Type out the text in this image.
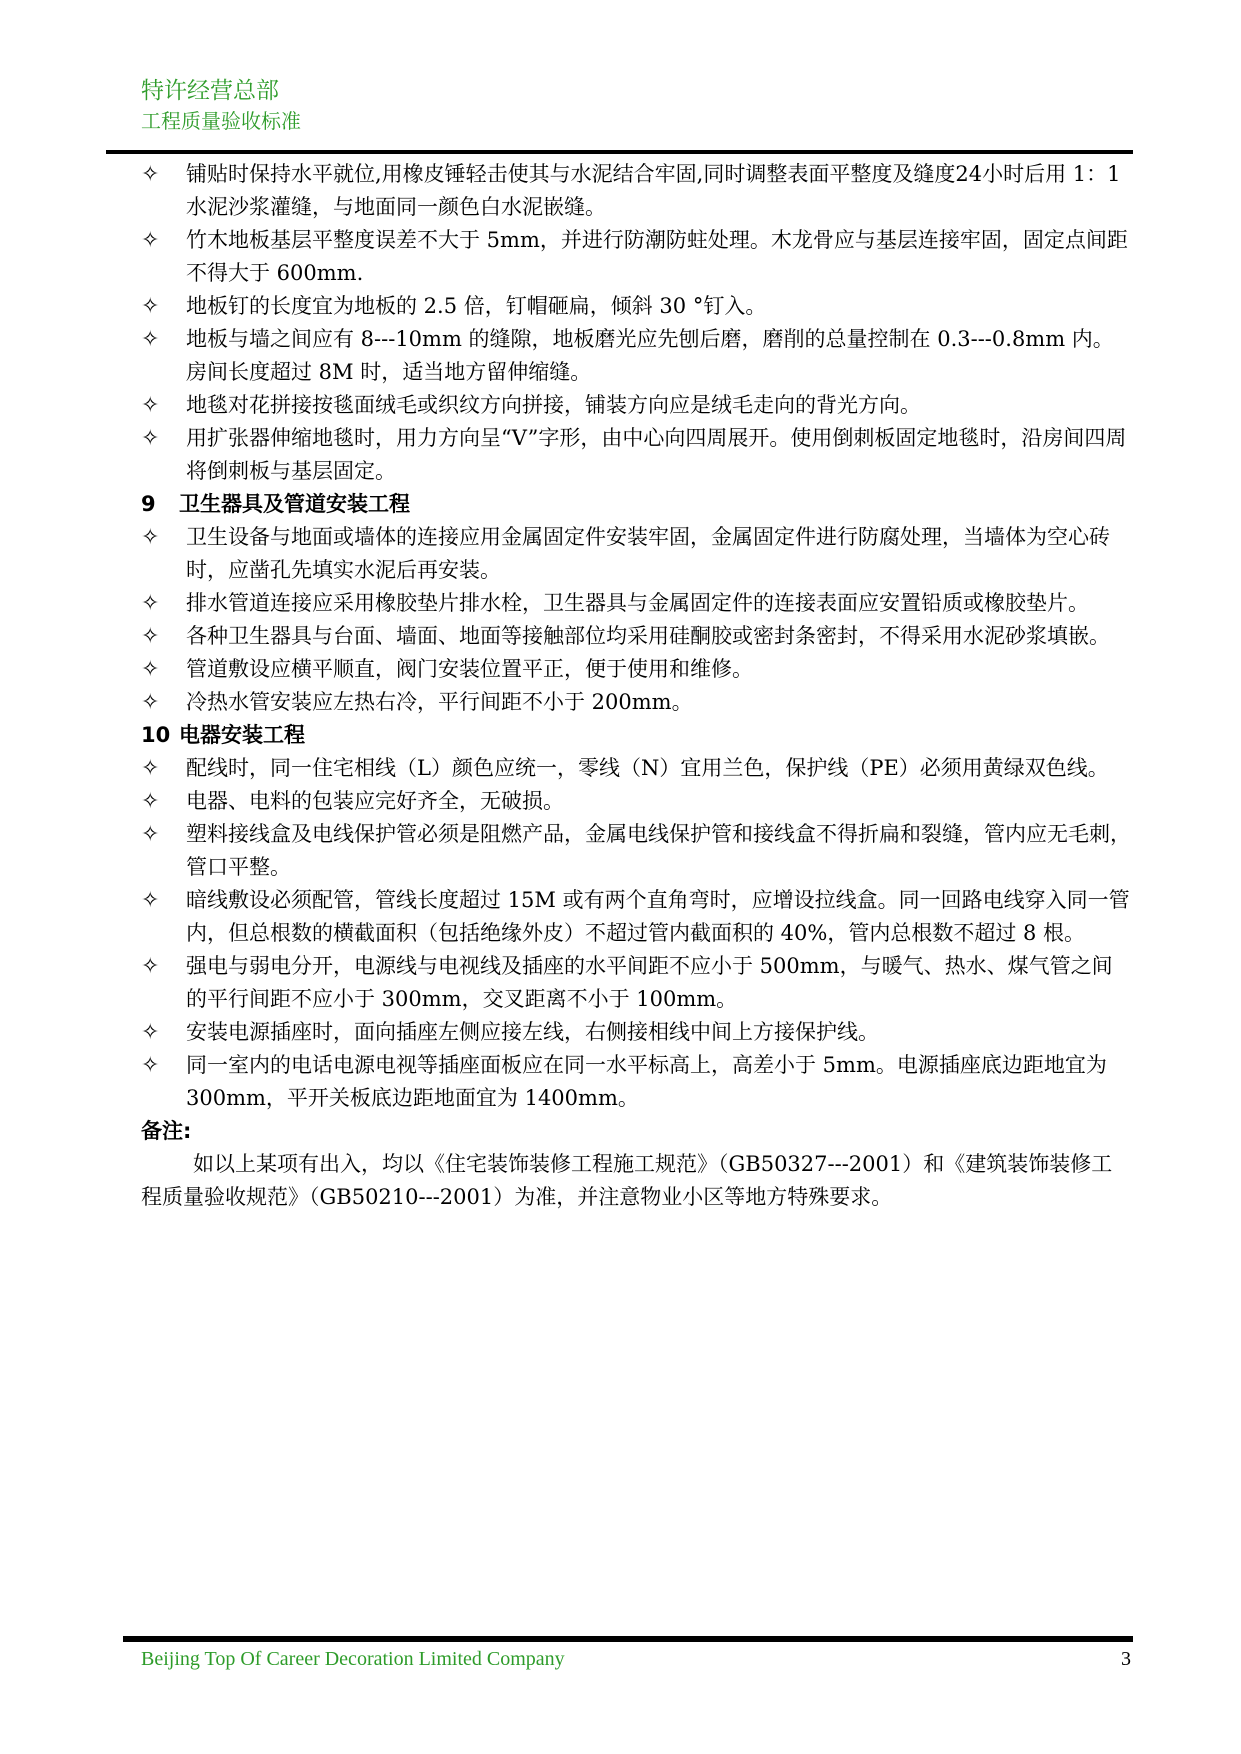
特许经营总部
工程质量验收标准
✧	铺贴时保持水平就位,用橡皮锤轻击使其与水泥结合牢固,同时调整表面平整度及缝度24小时后用 1：1 水泥沙浆灌缝，与地面同一颜色白水泥嵌缝。
✧	竹木地板基层平整度误差不大于 5mm，并进行防潮防蛀处理。木龙骨应与基层连接牢固，固定点间距不得大于 600mm.
✧	地板钉的长度宜为地板的 2.5 倍，钉帽砸扁，倾斜 30 °钉入。
✧	地板与墙之间应有 8---10mm 的缝隙，地板磨光应先刨后磨，磨削的总量控制在 0.3---0.8mm 内。房间长度超过 8M 时，适当地方留伸缩缝。
✧	地毯对花拼接按毯面绒毛或织纹方向拼接，铺装方向应是绒毛走向的背光方向。
✧	用扩张器伸缩地毯时，用力方向呈“V”字形，由中心向四周展开。使用倒刺板固定地毯时，沿房间四周将倒刺板与基层固定。
9 卫生器具及管道安装工程
✧	卫生设备与地面或墙体的连接应用金属固定件安装牢固，金属固定件进行防腐处理，当墙体为空心砖时，应凿孔先填实水泥后再安装。
✧	排水管道连接应采用橡胶垫片排水栓，卫生器具与金属固定件的连接表面应安置铅质或橡胶垫片。
✧	各种卫生器具与台面、墙面、地面等接触部位均采用硅酮胶或密封条密封，不得采用水泥砂浆填嵌。
✧	管道敷设应横平顺直，阀门安装位置平正，便于使用和维修。
✧	冷热水管安装应左热右冷，平行间距不小于 200mm。
10 电器安装工程
✧	配线时，同一住宅相线（L）颜色应统一，零线（N）宜用兰色，保护线（PE）必须用黄绿双色线。
✧	电器、电料的包装应完好齐全，无破损。
✧	塑料接线盒及电线保护管必须是阻燃产品，金属电线保护管和接线盒不得折扁和裂缝，管内应无毛刺，管口平整。
✧	暗线敷设必须配管，管线长度超过 15M 或有两个直角弯时，应增设拉线盒。同一回路电线穿入同一管内，但总根数的横截面积（包括绝缘外皮）不超过管内截面积的 40%，管内总根数不超过 8 根。
✧	强电与弱电分开，电源线与电视线及插座的水平间距不应小于 500mm，与暖气、热水、煤气管之间的平行间距不应小于 300mm，交叉距离不小于 100mm。
✧	安装电源插座时，面向插座左侧应接左线，右侧接相线中间上方接保护线。
✧	同一室内的电话电源电视等插座面板应在同一水平标高上，高差小于 5mm。电源插座底边距地宜为 300mm，平开关板底边距地面宜为 1400mm。
备注:
如以上某项有出入，均以《住宅装饰装修工程施工规范》（GB50327---2001）和《建筑装饰装修工程质量验收规范》（GB50210---2001）为准，并注意物业小区等地方特殊要求。
Beijing Top Of Career Decoration Limited Company	3
